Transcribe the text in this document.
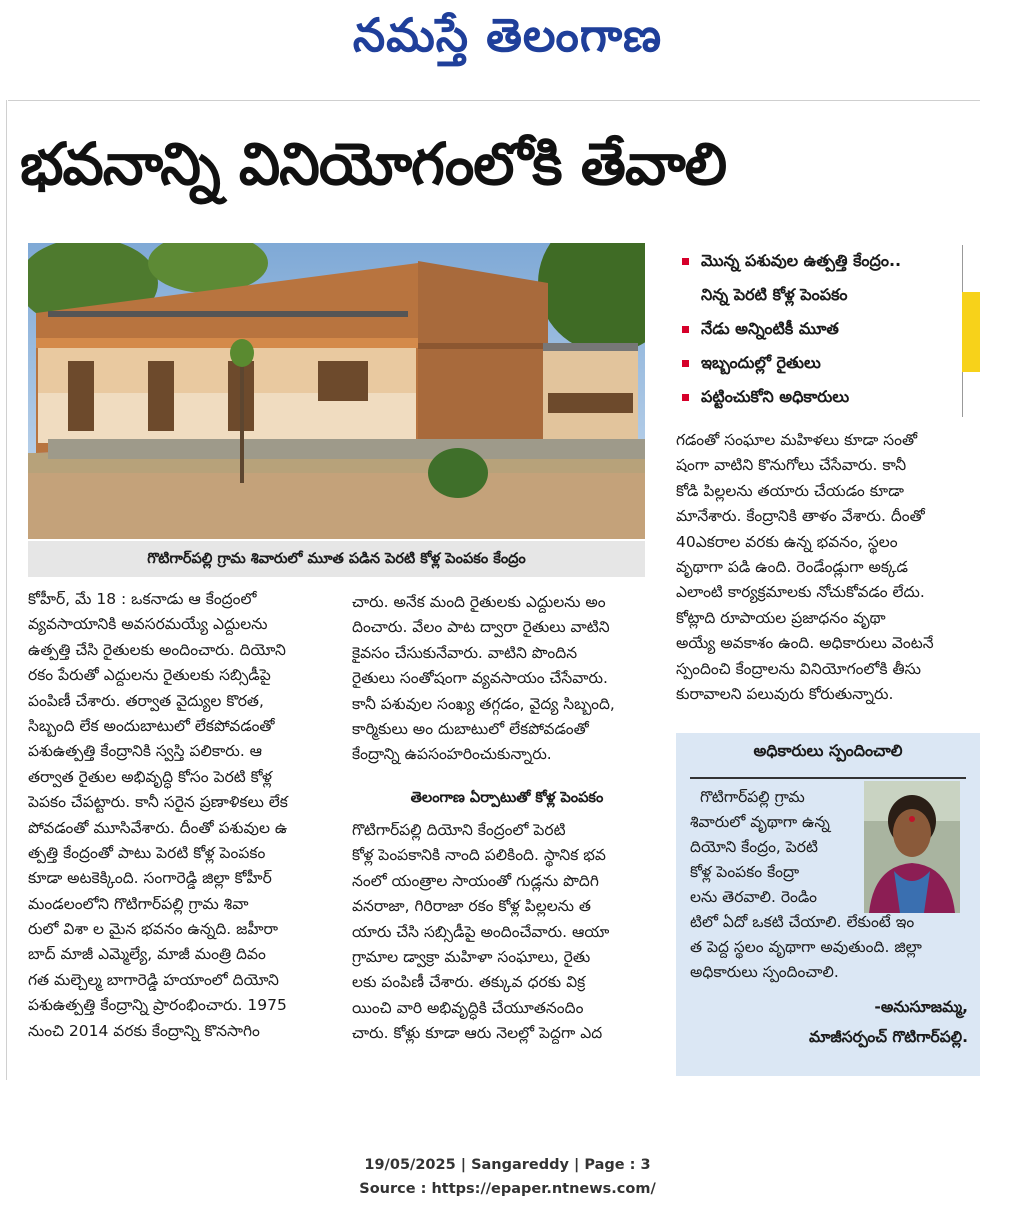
నమస్తే తెలంగాణ
భవనాన్ని వినియోగంలోకి తేవాలి
గొటిగార్‌పల్లి గ్రామ శివారులో మూత పడిన పెరటి కోళ్ల పెంపకం కేంద్రం
మొన్న పశువుల ఉత్పత్తి కేంద్రం..
నిన్న పెరటి కోళ్ల పెంపకం
నేడు అన్నింటికీ మూత
ఇబ్బందుల్లో రైతులు
పట్టించుకోని అధికారులు
కోహీర్‌, మే 18 : ఒకనాడు ఆ కేంద్రంలో
వ్యవసాయానికి అవసరమయ్యే ఎద్దులను
ఉత్పత్తి చేసి రైతులకు అందించారు. దియోని
రకం పేరుతో ఎద్దులను రైతులకు సబ్సిడీపై
పంపిణీ చేశారు. తర్వాత వైద్యుల కొరత,
సిబ్బంది లేక అందుబాటులో లేకపోవడంతో
పశుఉత్పత్తి కేంద్రానికి స్వస్తి పలికారు. ఆ
తర్వాత రైతుల అభివృద్ధి కోసం పెరటి కోళ్ల
పెపకం చేపట్టారు. కానీ సరైన ప్రణాళికలు లేక
పోవడంతో మూసివేశారు. దీంతో పశువుల ఉ
త్పత్తి కేంద్రంతో పాటు పెరటి కోళ్ల పెంపకం
కూడా అటకెక్కింది. సంగారెడ్డి జిల్లా కోహీర్‌
మండలంలోని గొటిగార్‌పల్లి గ్రామ శివా
రులో విశా ల మైన భవనం ఉన్నది. జహీరా
బాద్‌ మాజీ ఎమ్మెల్యే, మాజీ మంత్రి దివం
గత మల్చెల్మ బాగారెడ్డి హయాంలో దియోని
పశుఉత్పత్తి కేంద్రాన్ని ప్రారంభించారు. 1975
నుంచి 2014 వరకు కేంద్రాన్ని కొనసాగిం
చారు. అనేక మంది రైతులకు ఎద్దులను అం
దించారు. వేలం పాట ద్వారా రైతులు వాటిని
కైవసం చేసుకునేవారు. వాటిని పొందిన
రైతులు సంతోషంగా వ్యవసాయం చేసేవారు.
కానీ పశువుల సంఖ్య తగ్గడం, వైద్య సిబ్బంది,
కార్మికులు అం దుబాటులో లేకపోవడంతో
కేంద్రాన్ని ఉపసంహరించుకున్నారు.
తెలంగాణ ఏర్పాటుతో కోళ్ల పెంపకం
గొటిగార్‌పల్లి దియోని కేంద్రంలో పెరటి
కోళ్ల పెంపకానికి నాంది పలికింది. స్థానిక భవ
నంలో యంత్రాల సాయంతో గుడ్లను పొదిగి
వనరాజా, గిరిరాజా రకం కోళ్ల పిల్లలను త
యారు చేసి సబ్సిడీపై అందించేవారు. ఆయా
గ్రామాల డ్వాక్రా మహిళా సంఘాలు, రైతు
లకు పంపిణీ చేశారు. తక్కువ ధరకు విక్ర
యించి వారి అభివృద్ధికి చేయూతనందిం
చారు. కోళ్లు కూడా ఆరు నెలల్లో పెద్దగా ఎద
గడంతో సంఘాల మహిళలు కూడా సంతో
షంగా వాటిని కొనుగోలు చేసేవారు. కానీ
కోడి పిల్లలను తయారు చేయడం కూడా
మానేశారు. కేంద్రానికి తాళం వేశారు. దీంతో
40ఎకరాల వరకు ఉన్న భవనం, స్థలం
వృథాగా పడి ఉంది. రెండేండ్లుగా అక్కడ
ఎలాంటి కార్యక్రమాలకు నోచుకోవడం లేదు.
కోట్లాది రూపాయల ప్రజాధనం వృథా
అయ్యే అవకాశం ఉంది. అధికారులు వెంటనే
స్పందించి కేంద్రాలను వినియోగంలోకి తీసు
కురావాలని పలువురు కోరుతున్నారు.
అధికారులు స్పందించాలి
గొటిగార్‌పల్లి గ్రామ
శివారులో వృథాగా ఉన్న
దియోని కేంద్రం, పెరటి
కోళ్ల పెంపకం కేంద్రా
లను తెరవాలి. రెండిం
టిలో ఏదో ఒకటి చేయాలి. లేకుంటే ఇం
త పెద్ద స్థలం వృథాగా అవుతుంది. జిల్లా
అధికారులు స్పందించాలి.
-అనుసూజమ్మ,
మాజీసర్పంచ్‌ గొటిగార్‌పల్లి.
19/05/2025 | Sangareddy | Page : 3
Source : https://epaper.ntnews.com/
